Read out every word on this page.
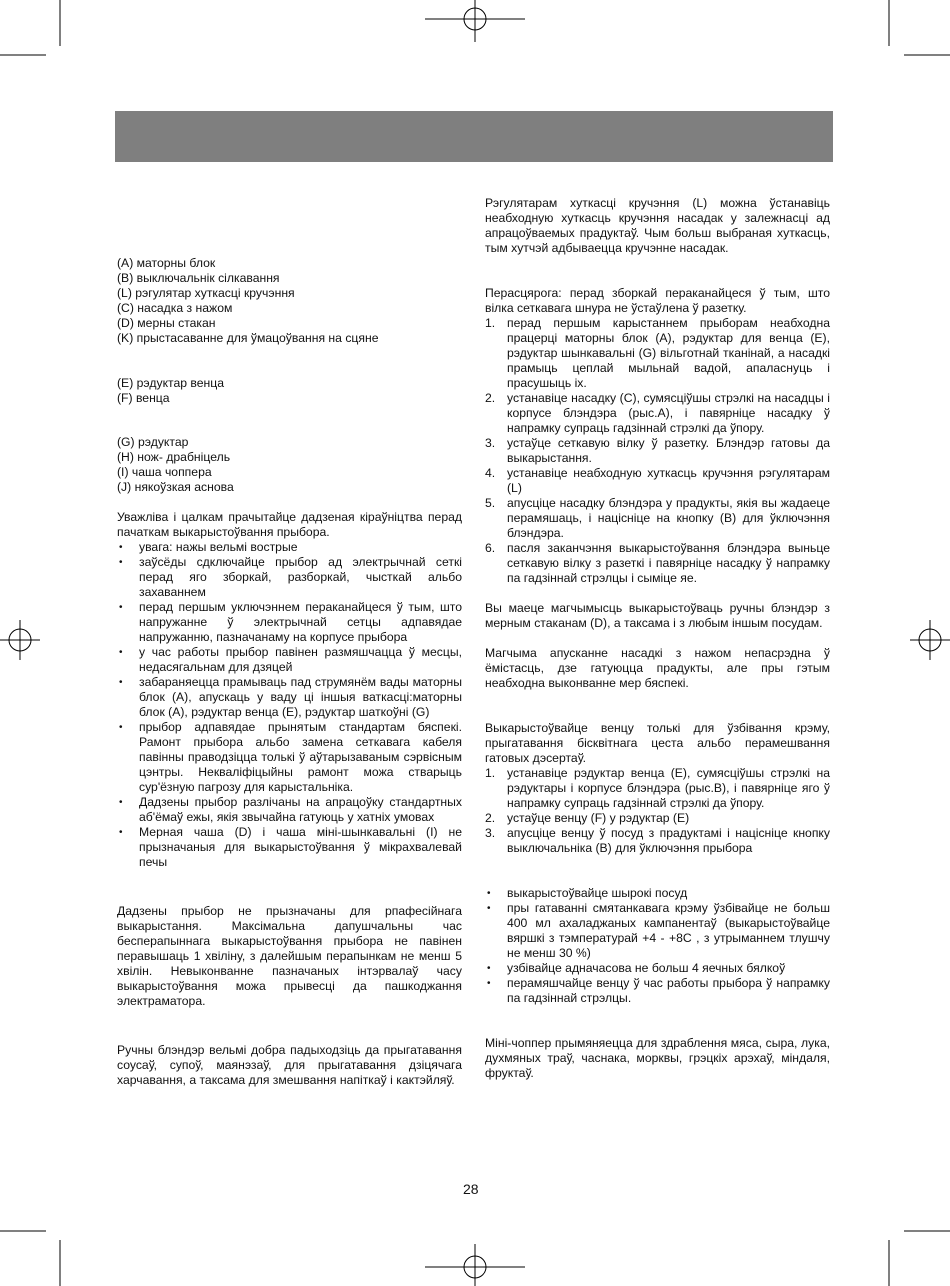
(A) маторны блок

(B) выключальнік сілкавання

(L) рэгулятар хуткасці кручэння

(C) насадка з нажом

(D) мерны стакан

(K) прыстасаванне для ўмацоўвання на сцяне

(E) рэдуктар венца

(F) венца

(G) рэдуктар

(H) нож- драбніцель

(I) чаша чоппера

(J) някоўзкая аснова

Уважліва і цалкам прачытайце дадзеная кіраўніцтва перад пачаткам выкарыстоўвання прыбора.

• увага: нажы вельмі вострые
• заўсёды сдключайце прыбор ад электрычнай сеткі перад яго зборкай, разборкай, чысткай альбо захаваннем
• перад першым уключэннем пераканайцеся ў тым, што напружанне ў электрычнай сетцы адпавядае напружанню, пазначанаму на корпусе прыбора
• у час работы прыбор павінен размяшчацца ў месцы, недасягальнам для дзяцей
• забараняецца прамываць пад струмянём вады маторны блок (A), апускаць у ваду ці іншыя ваткасці:маторны блок (A), рэдуктар венца (E), рэдуктар шаткоўні (G)
• прыбор адпавядае прынятым стандартам бяспекі. Рамонт прыбора альбо замена сеткавага кабеля павінны праводзіцца толькі ў аўтарызаваным сэрвісным цэнтры. Некваліфіцыйны рамонт можа стварыць сур'ёзную пагрозу для карыстальніка.
• Дадзены прыбор разлічаны на апрацоўку стандартных аб'ёмаў ежы, якія звычайна гатуюць у хатніх умовах
• Мерная чаша (D) і чаша міні-шынкавальні (I) не прызначаныя для выкарыстоўвання ў мікрахвалевай печы

Дадзены прыбор не прызначаны для рпафесійнага выкарыстання. Максімальна дапушчальны час бесперапыннага выкарыстоўвання прыбора не павінен перавышаць 1 хвіліну, з далейшым перапынкам не менш 5 хвілін. Невыконванне пазначаных інтэрвалаў часу выкарыстоўвання можа прывесці да пашкоджання электраматора.

Ручны блэндэр вельмі добра падыходзіць да прыгатавання соусаў, супоў, маянэзаў, для прыгатавання дзіцячага харчавання, а таксама для змешвання напіткаў і кактэйляў.

Рэгулятарам хуткасці кручэння (L) можна ўстанавіць неабходную хуткасць кручэння насадак у залежнасці ад апрацоўваемых прадуктаў. Чым больш выбраная хуткасць, тым хутчэй адбываецца кручэнне насадак.

Перасцярога: перад зборкай пераканайцеся ў тым, што вілка сеткавага шнура не ўстаўлена ў разетку.

1. перад першым карыстаннем прыборам неабходна працерці маторны блок (A), рэдуктар для венца (E), рэдуктар шынкавальні (G) вільготнай тканінай, а насадкі прамыць цеплай мыльнай вадой, апаласнуць і прасушыць іх.
2. устанавіце насадку (C), сумясціўшы стрэлкі на насадцы і корпусе блэндэра (рыс.A), і павярніце насадку ў напрамку супраць гадзіннай стрэлкі да ўпору.
3. устаўце сеткавую вілку ў разетку. Блэндэр гатовы да выкарыстання.
4. устанавіце неабходную хуткасць кручэння рэгулятарам (L)
5. апусціце насадку блэндэра у прадукты, якія вы жадаеце перамяшаць, і націсніце на кнопку (B) для ўключэння блэндэра.
6. пасля заканчэння выкарыстоўвання блэндэра выньце сеткавую вілку з разеткі і павярніце насадку ў напрамку па гадзіннай стрэлцы і сыміце яе.

Вы маеце магчымысць выкарыстоўваць ручны блэндэр з мерным стаканам (D), а таксама і з любым іншым посудам.

Магчыма апусканне насадкі з нажом непасрэдна ў ёмістасць, дзе гатуюцца прадукты, але пры гэтым неабходна выконванне мер бяспекі.

Выкарыстоўвайце венцу толькі для ўзбівання крэму, прыгатавання бісквітнага цеста альбо перамешвання гатовых дэсертаў.

1. устанавіце рэдуктар венца (E), сумясціўшы стрэлкі на рэдуктары і корпусе блэндэра (рыс.B), і павярніце яго ў напрамку супраць гадзіннай стрэлкі да ўпору.
2. устаўце венцу (F) у рэдуктар (E)
3. апусціце венцу ў посуд з прадуктамі і націсніце кнопку выключальніка (B) для ўключэння прыбора
• выкарыстоўвайце шырокі посуд
• пры гатаванні смятанкавага крэму ўзбівайце не больш 400 мл ахаладжаных кампанентаў (выкарыстоўвайце вяршкі з тэмпературай +4 - +8С , з утрыманнем тлушчу не менш 30 %)
• узбівайце адначасова не больш 4 яечных бялкоў
• перамяшчайце венцу ў час работы прыбора ў напрамку па гадзіннай стрэлцы.

Міні-чоппер прымяняецца для здраблення мяса, сыра, лука, духмяных траў, часнака, морквы, грэцкіх арэхаў, міндаля, фруктаў.

28
